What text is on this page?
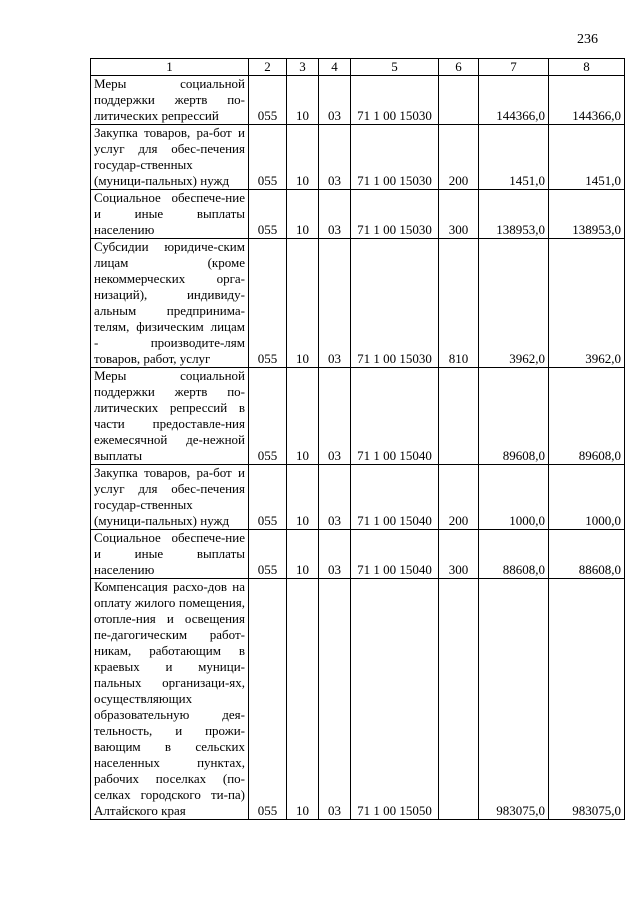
236
1	2	3	4	5	6	7	8
Меры социальной поддержки жертв по-литических репрессий	055	10	03	71 1 00 15030		144366,0	144366,0
Закупка товаров, ра-бот и услуг для обес-печения государ-ственных (муници-пальных) нужд	055	10	03	71 1 00 15030	200	1451,0	1451,0
Социальное обеспече-ние и иные выплаты населению	055	10	03	71 1 00 15030	300	138953,0	138953,0
Субсидии юридиче-ским лицам (кроме некоммерческих орга-низаций), индивиду-альным предпринима-телям, физическим лицам - производите-лям товаров, работ, услуг	055	10	03	71 1 00 15030	810	3962,0	3962,0
Меры социальной поддержки жертв по-литических репрессий в части предоставле-ния ежемесячной де-нежной выплаты	055	10	03	71 1 00 15040		89608,0	89608,0
Закупка товаров, ра-бот и услуг для обес-печения государ-ственных (муници-пальных) нужд	055	10	03	71 1 00 15040	200	1000,0	1000,0
Социальное обеспече-ние и иные выплаты населению	055	10	03	71 1 00 15040	300	88608,0	88608,0
Компенсация расхо-дов на оплату жилого помещения, отопле-ния и освещения пе-дагогическим работ-никам, работающим в краевых и муници-пальных организаци-ях, осуществляющих образовательную дея-тельность, и прожи-вающим в сельских населенных пунктах, рабочих поселках (по-селках городского ти-па) Алтайского края	055	10	03	71 1 00 15050		983075,0	983075,0
